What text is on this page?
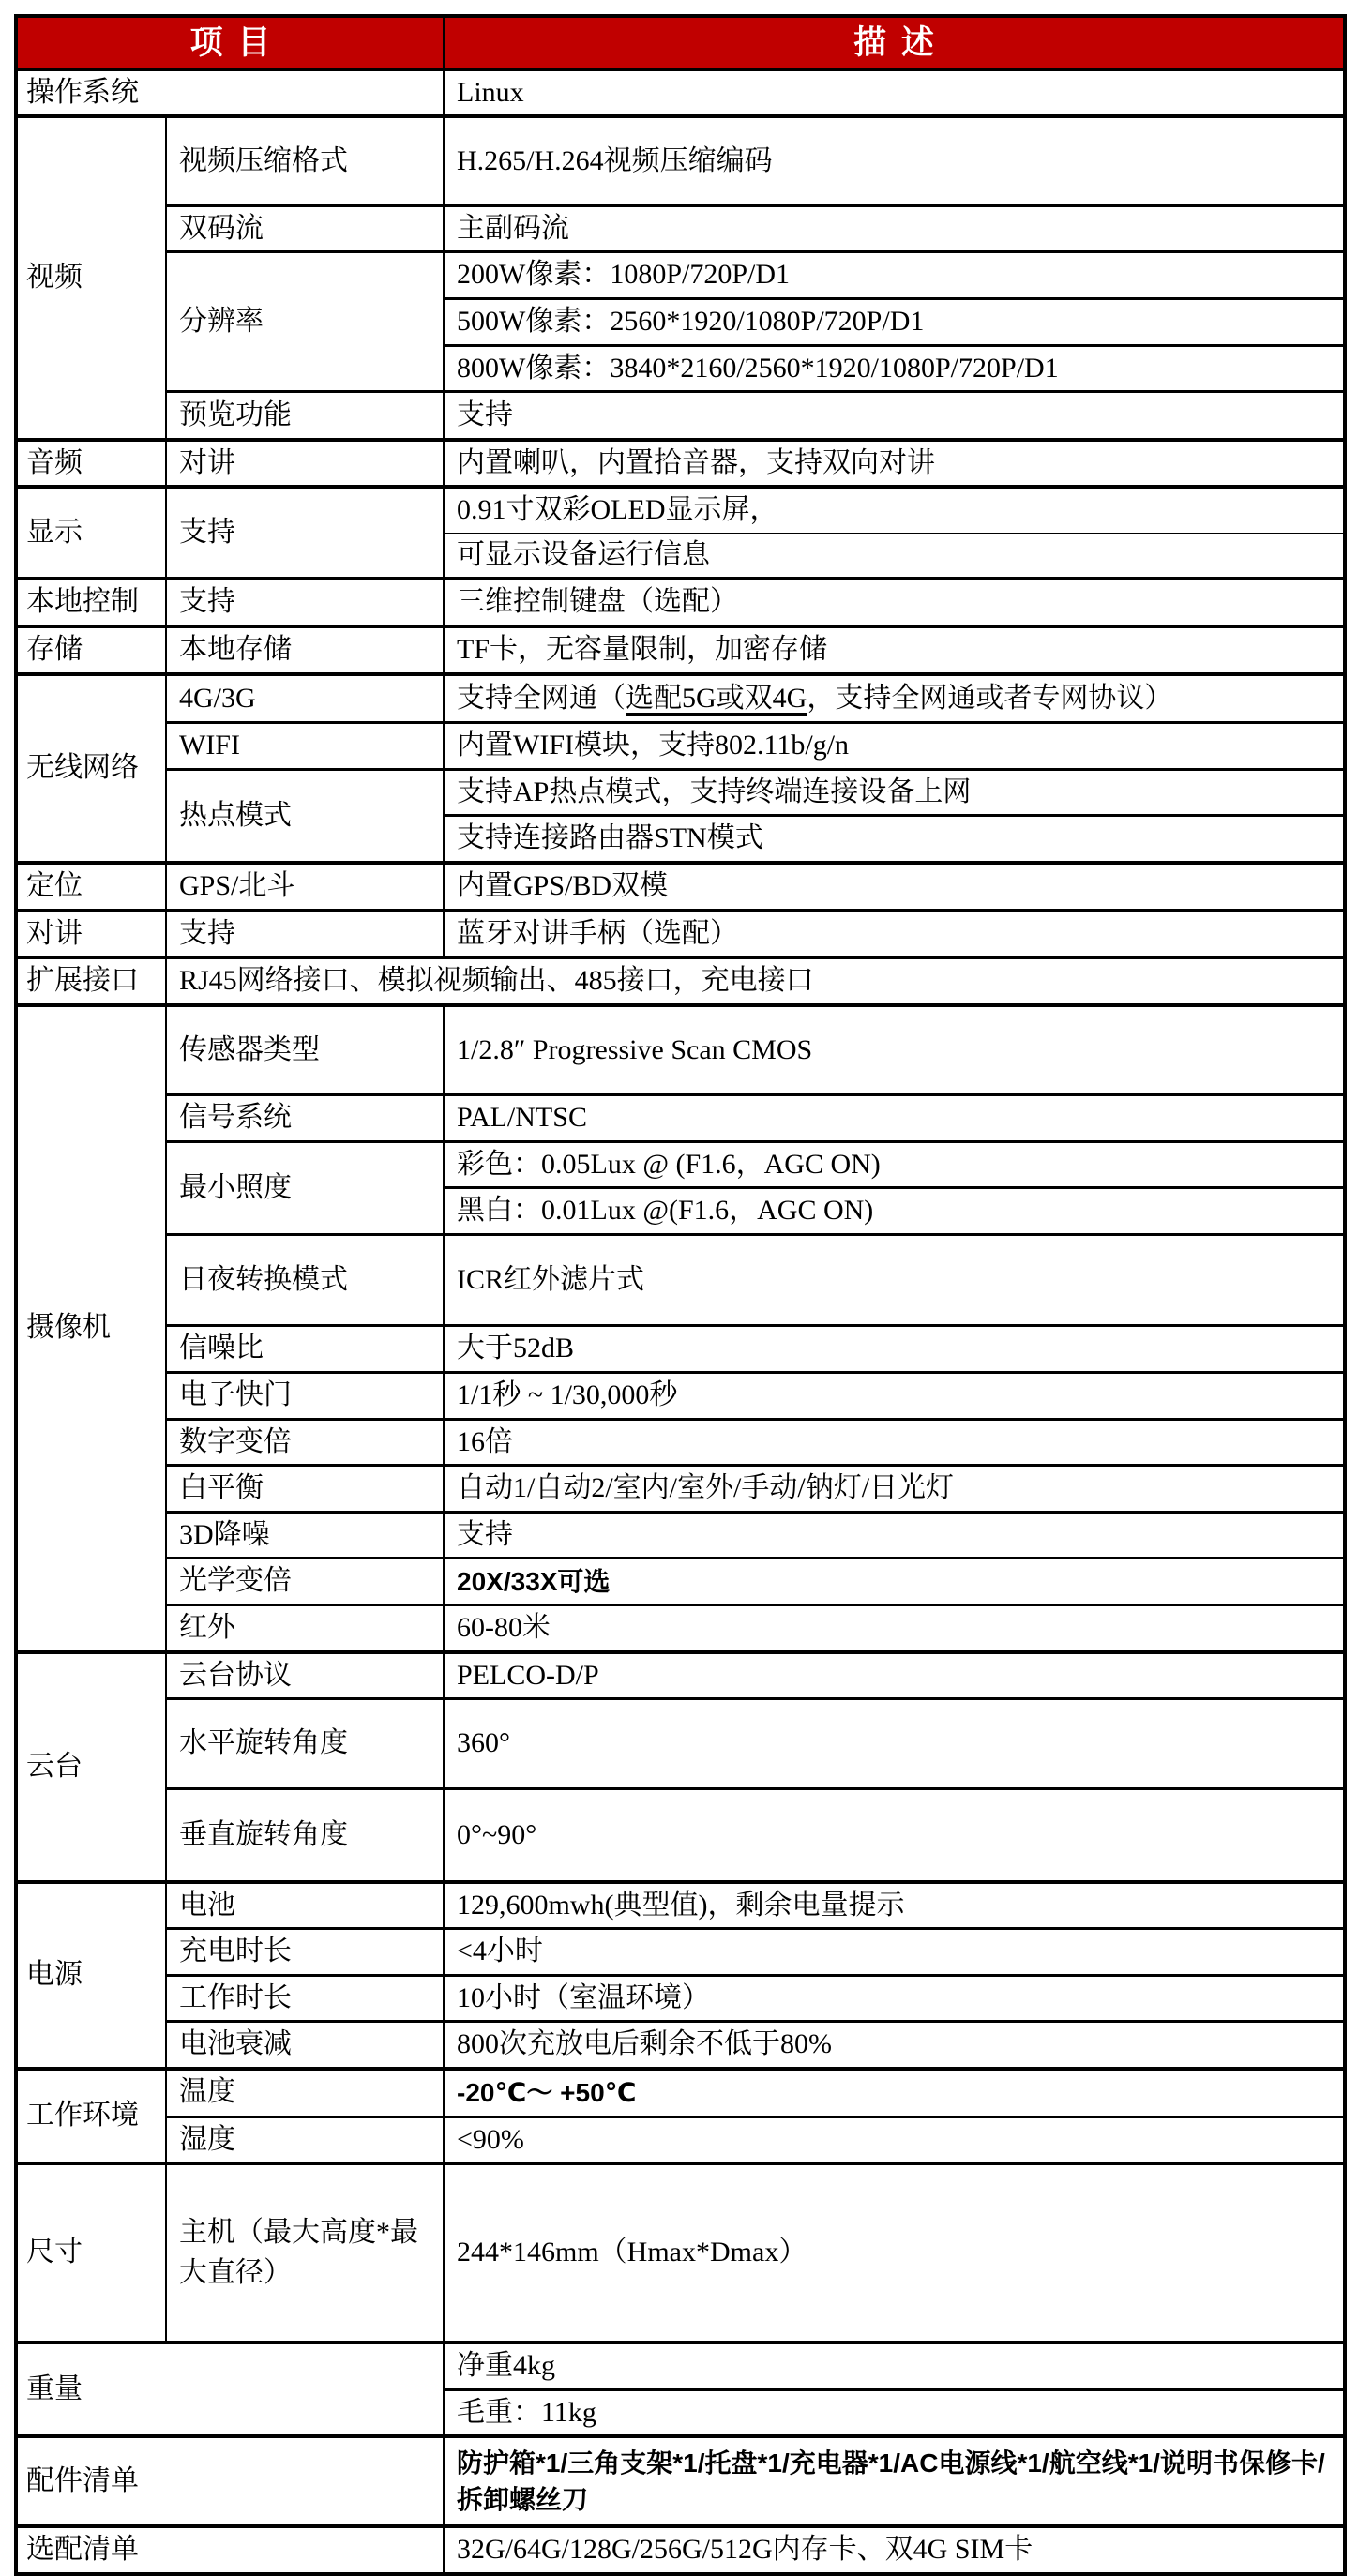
项目		描述
操作系统		Linux
视频	视频压缩格式	H.265/H.264视频压缩编码
	双码流	主副码流
	分辨率	200W像素：1080P/720P/D1
		500W像素：2560*1920/1080P/720P/D1
		800W像素：3840*2160/2560*1920/1080P/720P/D1
	预览功能	支持
音频	对讲	内置喇叭，内置拾音器，支持双向对讲
显示	支持	0.91寸双彩OLED显示屏，
		可显示设备运行信息
本地控制	支持	三维控制键盘（选配）
存储	本地存储	TF卡，无容量限制，加密存储
无线网络	4G/3G	支持全网通（选配5G或双4G，支持全网通或者专网协议）
	WIFI	内置WIFI模块，支持802.11b/g/n
	热点模式	支持AP热点模式，支持终端连接设备上网
		支持连接路由器STN模式
定位	GPS/北斗	内置GPS/BD双模
对讲	支持	蓝牙对讲手柄（选配）
扩展接口	RJ45网络接口、模拟视频输出、485接口，充电接口	
摄像机	传感器类型	1/2.8″ Progressive Scan CMOS
	信号系统	PAL/NTSC
	最小照度	彩色：0.05Lux @ (F1.6，AGC ON)
		黑白：0.01Lux @(F1.6，AGC ON)
	日夜转换模式	ICR红外滤片式
	信噪比	大于52dB
	电子快门	1/1秒 ~ 1/30,000秒
	数字变倍	16倍
	白平衡	自动1/自动2/室内/室外/手动/钠灯/日光灯
	3D降噪	支持
	光学变倍	20X/33X可选
	红外	60-80米
云台	云台协议	PELCO-D/P
	水平旋转角度	360°
	垂直旋转角度	0°~90°
电源	电池	129,600mwh(典型值)，剩余电量提示
	充电时长	<4小时
	工作时长	10小时（室温环境）
	电池衰减	800次充放电后剩余不低于80%
工作环境	温度	-20℃～ +50℃
	湿度	<90%
尺寸	主机（最大高度*最大直径）	244*146mm（Hmax*Dmax）
重量		净重4kg
		毛重：11kg
配件清单		防护箱*1/三角支架*1/托盘*1/充电器*1/AC电源线*1/航空线*1/说明书保修卡/拆卸螺丝刀
选配清单		32G/64G/128G/256G/512G内存卡、双4G SIM卡
